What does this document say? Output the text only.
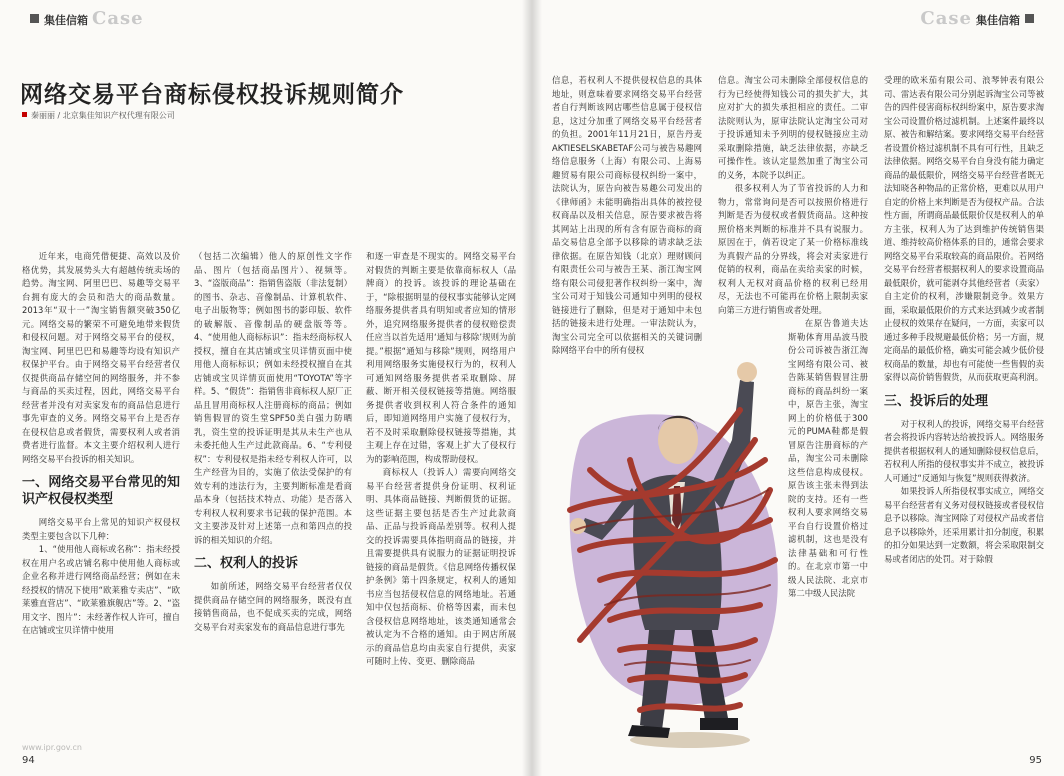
集佳信箱 Case
网络交易平台商标侵权投诉规则简介
秦丽丽 / 北京集佳知识产权代理有限公司

近年来，电商凭借便捷、高效以及价格优势，其发展势头大有超越传统卖场的趋势。淘宝网、阿里巴巴、易趣等交易平台拥有庞大的会员和浩大的商品数量。2013年“双十一”淘宝销售额突破350亿元。网络交易的繁荣不可避免地带来假货和侵权问题。对于网络交易平台的侵权，淘宝网、阿里巴巴和易趣等均设有知识产权保护平台。由于网络交易平台经营者仅仅提供商品存储空间的网络服务，并不参与商品的买卖过程，因此，网络交易平台经营者并没有对卖家发布的商品信息进行事先审查的义务。网络交易平台上是否存在侵权信息或者假货，需要权利人或者消费者进行监督。本文主要介绍权利人进行网络交易平台投诉的相关知识。

一、网络交易平台常见的知识产权侵权类型

网络交易平台上常见的知识产权侵权类型主要包含以下几种：

1、“使用他人商标或名称”：指未经授权在用户名或店铺名称中使用他人商标或企业名称并进行网络商品经营；例如在未经授权的情况下使用“欧莱雅专卖店”、“欧莱雅直营店”、“欧莱雅旗舰店”等。2、“盗用文字、图片”：未经著作权人许可，擅自在店铺或宝贝详情中使用

（包括二次编辑）他人的原创性文字作品、图片（包括商品图片）、视频等。3、“盗版商品”：指销售盗版（非法复制）的图书、杂志、音像制品、计算机软件、电子出版物等；例如图书的影印版、软件的破解版、音像制品的硬盘版等等。4、“使用他人商标标识”：指未经商标权人授权，擅自在其店铺或宝贝详情页面中使用他人商标标识；例如未经授权擅自在其店铺或宝贝详情页面使用“TOYOTA”等字样。5、“假货”：指销售非商标权人原厂正品且冒用商标权人注册商标的商品；例如销售假冒的资生堂SPF50美白强力防晒乳，资生堂的投诉证明是其从未生产也从未委托他人生产过此款商品。6、“专利侵权”：专利侵权是指未经专利权人许可，以生产经营为目的，实施了依法受保护的有效专利的违法行为，主要判断标准是看商品本身（包括技术特点、功能）是否落入专利权人权利要求书记载的保护范围。本文主要涉及针对上述第一点和第四点的投诉的相关知识的介绍。

二、权利人的投诉

如前所述，网络交易平台经营者仅仅提供商品存储空间的网络服务，既没有直接销售商品，也不促成买卖的完成，网络交易平台对卖家发布的商品信息进行事先

和逐一审查是不现实的。网络交易平台对假货的判断主要是依靠商标权人（品牌商）的投诉。该投诉的理论基础在于，“除根据明显的侵权事实能够认定网络服务提供者具有明知或者应知的情形外，追究网络服务提供者的侵权赔偿责任应当以首先适用‘通知与移除’规则为前提。”根据“通知与移除”规则，网络用户利用网络服务实施侵权行为的，权利人可通知网络服务提供者采取删除、屏蔽、断开相关侵权链接等措施。网络服务提供者收到权利人符合条件的通知后，即知道网络用户实施了侵权行为，若不及时采取删除侵权链接等措施，其主观上存在过错，客观上扩大了侵权行为的影响范围，构成帮助侵权。

商标权人（投诉人）需要向网络交易平台经营者提供身份证明、权利证明、具体商品链接、判断假货的证据。这些证据主要包括是否生产过此款商品、正品与投诉商品差别等。权利人提交的投诉需要具体指明商品的链接，并且需要提供具有说服力的证据证明投诉链接的商品是假货。《信息网络传播权保护条例》第十四条规定，权利人的通知书应当包括侵权信息的网络地址。若通知中仅包括商标、价格等因素，而未包含侵权信息网络地址，该类通知通常会被认定为不合格的通知。由于网店所展示的商品信息均由卖家自行提供，卖家可随时上传、变更、删除商品

94
www.ipr.gov.cn
Case 集佳信箱

信息，若权利人不提供侵权信息的具体地址，则意味着要求网络交易平台经营者自行判断该网店哪些信息属于侵权信息，这过分加重了网络交易平台经营者的负担。2001年11月21日，原告丹麦AKTIESELSKABETAF公司与被告易趣网络信息服务（上海）有限公司、上海易趣贸易有限公司商标侵权纠纷一案中，法院认为，原告向被告易趣公司发出的《律师函》未能明确指出具体的被控侵权商品以及相关信息，原告要求被告将其网站上出现的所有含有原告商标的商品交易信息全部予以移除的请求缺乏法律依据。在原告知钱（北京）理财顾问有限责任公司与被告王某、浙江淘宝网络有限公司侵犯著作权纠纷一案中，淘宝公司对于知钱公司通知中列明的侵权链接进行了删除，但是对于通知中未包括的链接未进行处理。一审法院认为，淘宝公司完全可以依据相关的关键词删除网络平台中的所有侵权

信息。淘宝公司未删除全部侵权信息的行为已经使得知钱公司的损失扩大，其应对扩大的损失承担相应的责任。二审法院则认为，原审法院认定淘宝公司对于投诉通知未予列明的侵权链接应主动采取删除措施，缺乏法律依据，亦缺乏可操作性。该认定显然加重了淘宝公司的义务，本院予以纠正。

很多权利人为了节省投诉的人力和物力，常常询问是否可以按照价格进行判断是否为侵权或者假货商品。这种按照价格来判断的标准并不具有说服力。原因在于，倘若设定了某一价格标准线为真假产品的分界线，将会对卖家进行促销的权利，商品在卖给卖家的时候，权利人无权对商品价格的权利已经用尽，无法也不可能再在价格上限制卖家向第三方进行销售或者处理。

在原告鲁道夫达斯勒体育用品波马股份公司诉被告浙江淘宝网络有限公司、被告陈某销售假冒注册商标的商品纠纷一案中，原告主张，淘宝网上的价格低于300元的PUMA鞋都是假冒原告注册商标的产品，淘宝公司未删除这些信息构成侵权。原告该主张未得到法院的支持。还有一些权利人要求网络交易平台自行设置价格过滤机制，这也是没有法律基础和可行性的。在北京市第一中级人民法院、北京市第二中级人民法院

受理的欧米茄有限公司、浪琴钟表有限公司、雷达表有限公司分别起诉淘宝公司等被告的四件侵害商标权纠纷案中，原告要求淘宝公司设置价格过滤机制。上述案件最终以原、被告和解结案。要求网络交易平台经营者设置价格过滤机制不具有可行性，且缺乏法律依据。网络交易平台自身没有能力确定商品的最低限价，网络交易平台经营者既无法知晓各种物品的正常价格，更难以从用户自定的价格上来判断是否为侵权产品。合法性方面，所谓商品最低限价仅是权利人的单方主张，权利人为了达到维护传统销售渠道、维持较高价格体系的目的，通常会要求网络交易平台采取较高的商品限价。若网络交易平台经营者根据权利人的要求设置商品最低限价，就可能剥夺其他经营者（卖家）自主定价的权利，涉嫌限制竞争。效果方面，采取最低限价的方式来达到减少或者制止侵权的效果存在疑问，一方面，卖家可以通过多种手段规避最低价格；另一方面，规定商品的最低价格，确实可能会减少低价侵权商品的数量，却也有可能使一些售假的卖家得以高价销售假货，从而获取更高利润。

三、投诉后的处理

对于权利人的投诉，网络交易平台经营者会将投诉内容转达给被投诉人。网络服务提供者根据权利人的通知删除侵权信息后，若权利人所指的侵权事实并不成立，被投诉人可通过“反通知与恢复”规则获得救济。

如果投诉人所指侵权事实成立，网络交易平台经营者有义务对侵权链接或者侵权信息予以移除。淘宝网除了对侵权产品或者信息予以移除外，还采用累计扣分制度，积累的扣分如果达到一定数额，将会采取限制交易或者闭店的处罚。对于除假

95
